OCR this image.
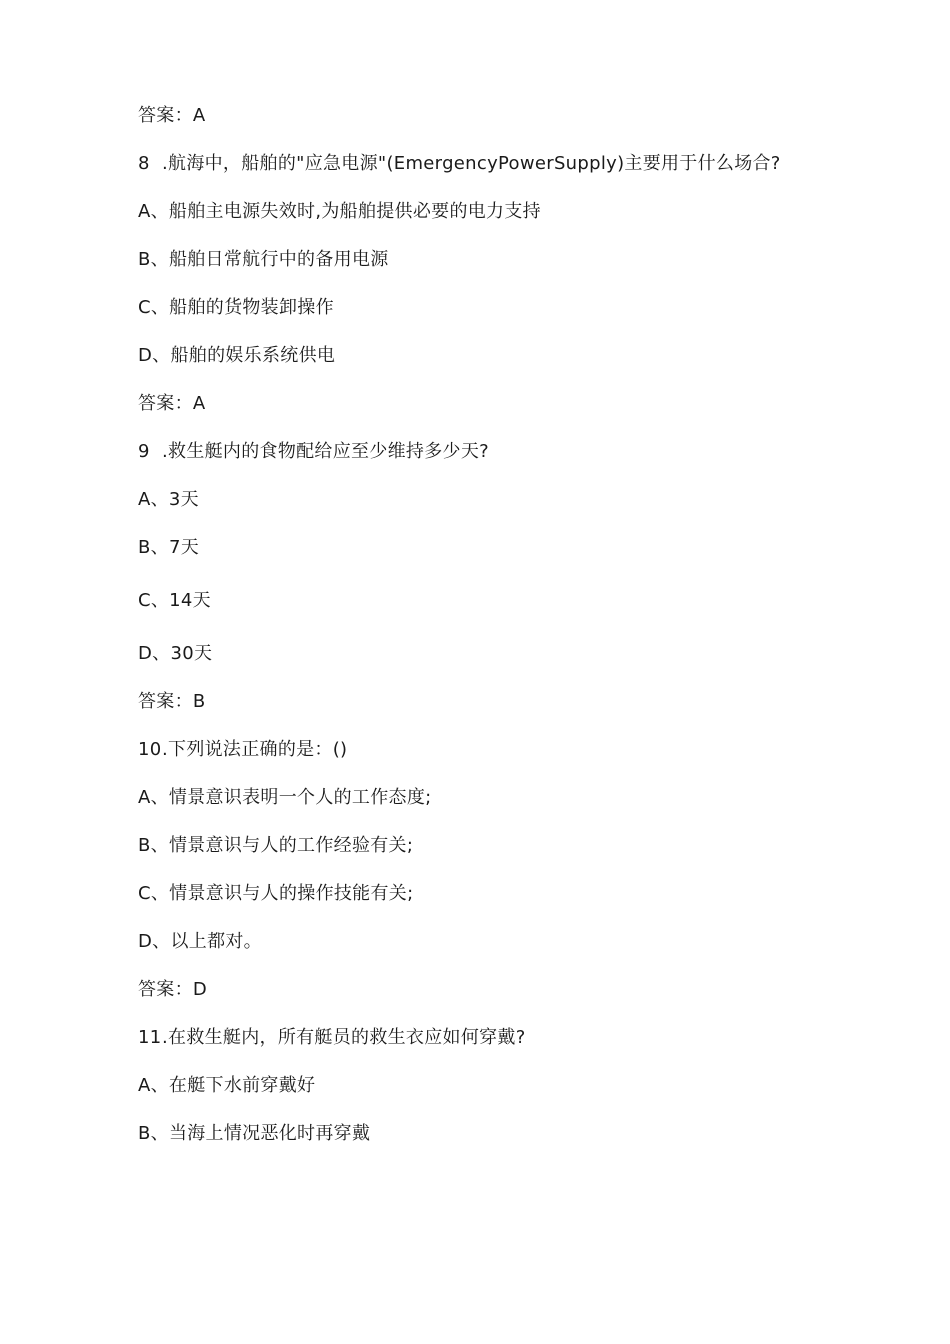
答案：A
8 .航海中，船舶的"应急电源"(EmergencyPowerSupply)主要用于什么场合?
A、船舶主电源失效时,为船舶提供必要的电力支持
B、船舶日常航行中的备用电源
C、船舶的货物装卸操作
D、船舶的娱乐系统供电
答案：A
9 .救生艇内的食物配给应至少维持多少天?
A、3天
B、7天
C、14天
D、30天
答案：B
10.下列说法正确的是：()
A、情景意识表明一个人的工作态度;
B、情景意识与人的工作经验有关;
C、情景意识与人的操作技能有关;
D、以上都对。
答案：D
11.在救生艇内，所有艇员的救生衣应如何穿戴?
A、在艇下水前穿戴好
B、当海上情况恶化时再穿戴
